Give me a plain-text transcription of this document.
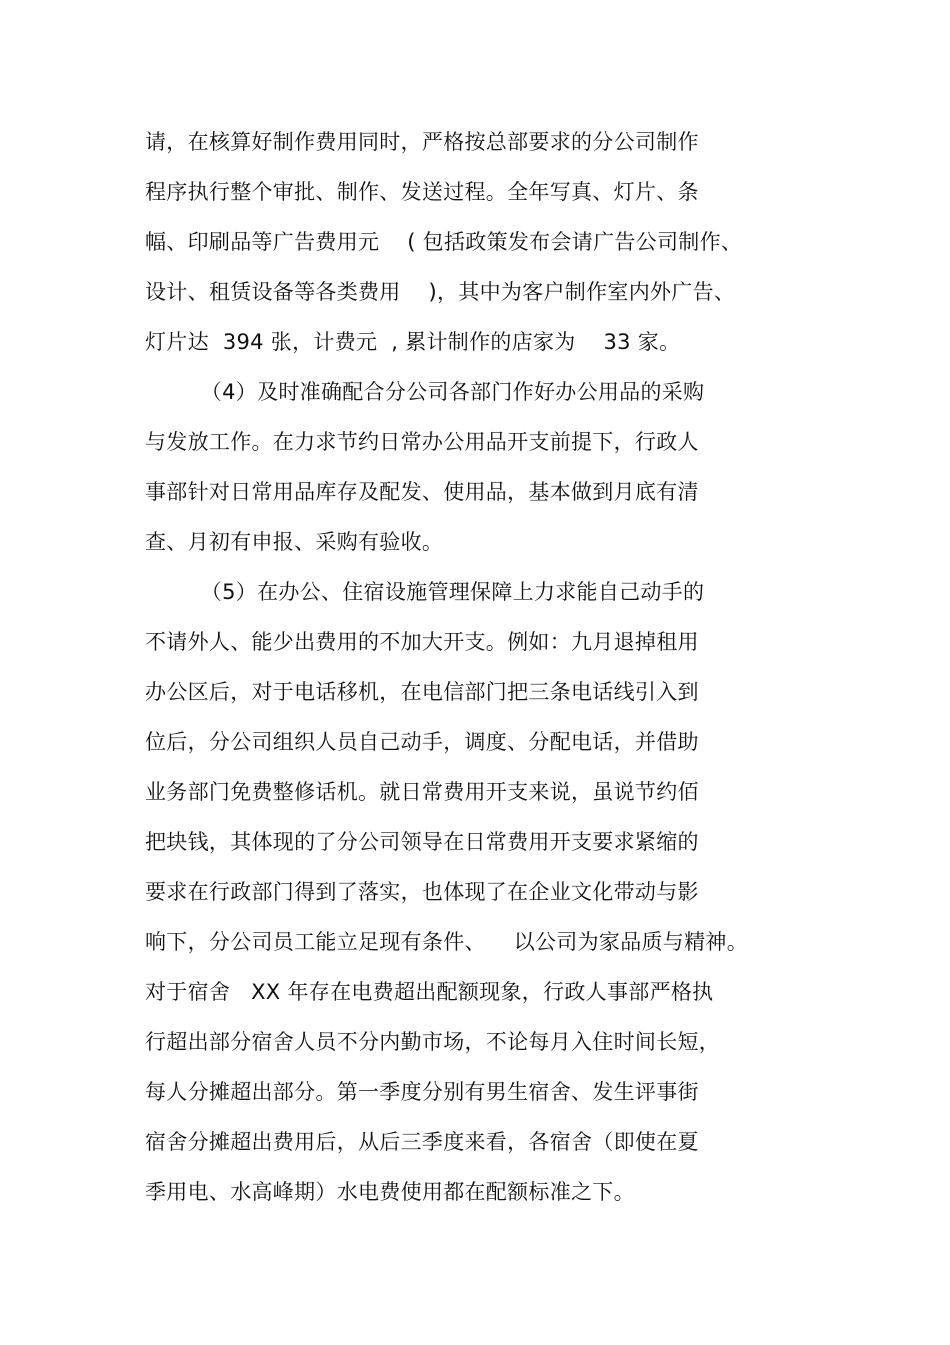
请，在核算好制作费用同时，严格按总部要求的分公司制作
程序执行整个审批、制作、发送过程。全年写真、灯片、条
幅、印刷品等广告费用元    ( 包括政策发布会请广告公司制作、
设计、租赁设备等各类费用    )，其中为客户制作室内外广告、
灯片达  394 张，计费元  , 累计制作的店家为    33 家。
（4）及时准确配合分公司各部门作好办公用品的采购
与发放工作。在力求节约日常办公用品开支前提下，行政人
事部针对日常用品库存及配发、使用品，基本做到月底有清
查、月初有申报、采购有验收。
（5）在办公、住宿设施管理保障上力求能自己动手的
不请外人、能少出费用的不加大开支。例如：九月退掉租用
办公区后，对于电话移机，在电信部门把三条电话线引入到
位后，分公司组织人员自己动手，调度、分配电话，并借助
业务部门免费整修话机。就日常费用开支来说，虽说节约佰
把块钱，其体现的了分公司领导在日常费用开支要求紧缩的
要求在行政部门得到了落实，也体现了在企业文化带动与影
响下，分公司员工能立足现有条件、    以公司为家品质与精神。
对于宿舍   XX 年存在电费超出配额现象，行政人事部严格执
行超出部分宿舍人员不分内勤市场，不论每月入住时间长短，
每人分摊超出部分。第一季度分别有男生宿舍、发生评事街
宿舍分摊超出费用后，从后三季度来看，各宿舍（即使在夏
季用电、水高峰期）水电费使用都在配额标准之下。
